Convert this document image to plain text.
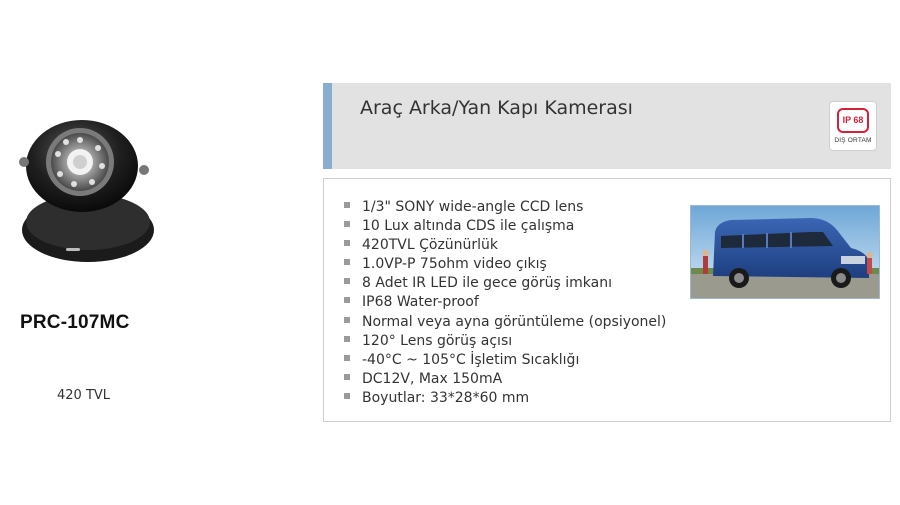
PRC-107MC
420 TVL
Araç Arka/Yan Kapı Kamerası
IP 68
DIŞ ORTAM
1/3" SONY wide-angle CCD lens
10 Lux altında CDS ile çalışma
420TVL Çözünürlük
1.0VP-P 75ohm video çıkış
8 Adet IR LED ile gece görüş imkanı
IP68 Water-proof
Normal veya ayna görüntüleme (opsiyonel)
120° Lens görüş açısı
-40°C ~ 105°C İşletim Sıcaklığı
DC12V, Max 150mA
Boyutlar: 33*28*60 mm
